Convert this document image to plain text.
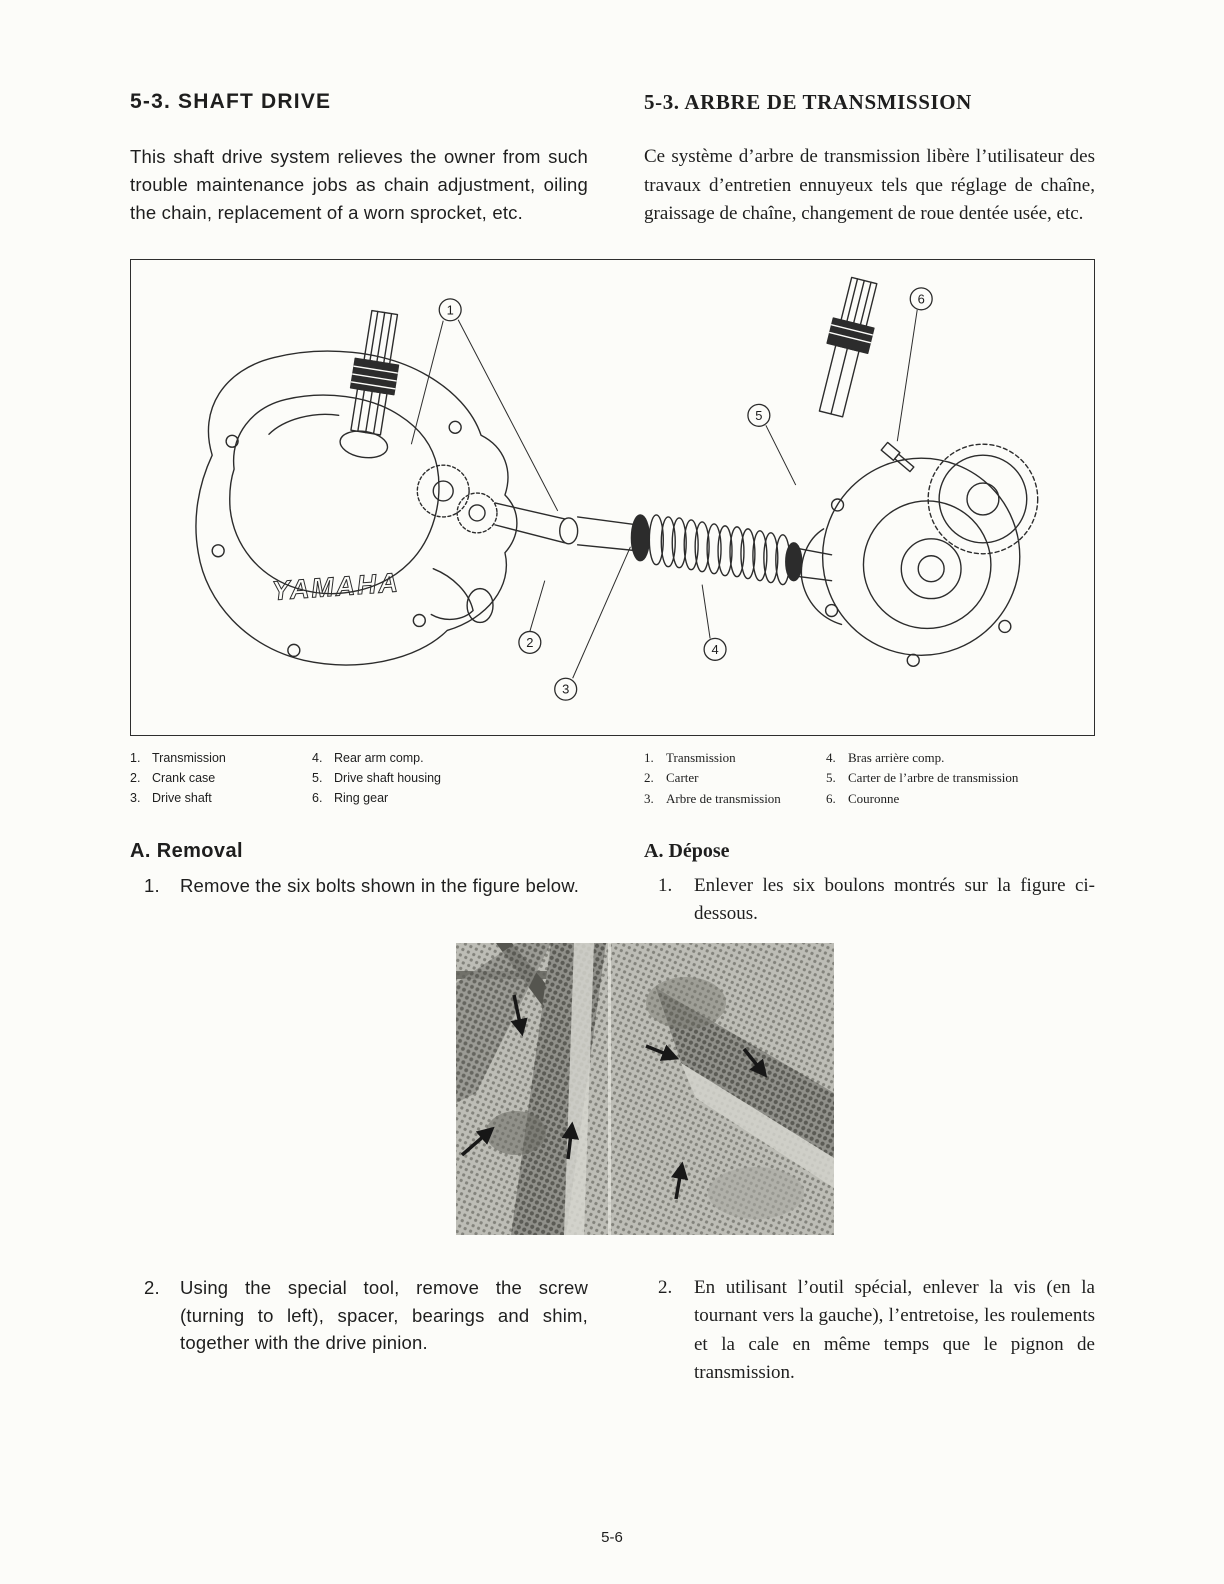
5-3. SHAFT DRIVE	5-3. ARBRE DE TRANSMISSION

This shaft drive system relieves the owner from such trouble maintenance jobs as chain adjustment, oiling the chain, replacement of a worn sprocket, etc.

Ce système d’arbre de transmission libère l’utilisateur des travaux d’entretien ennuyeux tels que réglage de chaîne, graissage de chaîne, changement de roue dentée usée, etc.

YAMAHA
1
2
3
4
5
6
1. Transmission
2. Crank case
3. Drive shaft
4. Rear arm comp.
5. Drive shaft housing
6. Ring gear
1. Transmission
2. Carter
3. Arbre de transmission
4. Bras arrière comp.
5. Carter de l’arbre de transmission
6. Couronne
A. Removal
1.	Remove the six bolts shown in the figure below.
A. Dépose
1.	Enlever les six boulons montrés sur la figure ci-dessous.
2.	Using the special tool, remove the screw (turning to left), spacer, bearings and shim, together with the drive pinion.
2.	En utilisant l’outil spécial, enlever la vis (en la tournant vers la gauche), l’entretoise, les roulements et la cale en même temps que le pignon de transmission.
5-6
